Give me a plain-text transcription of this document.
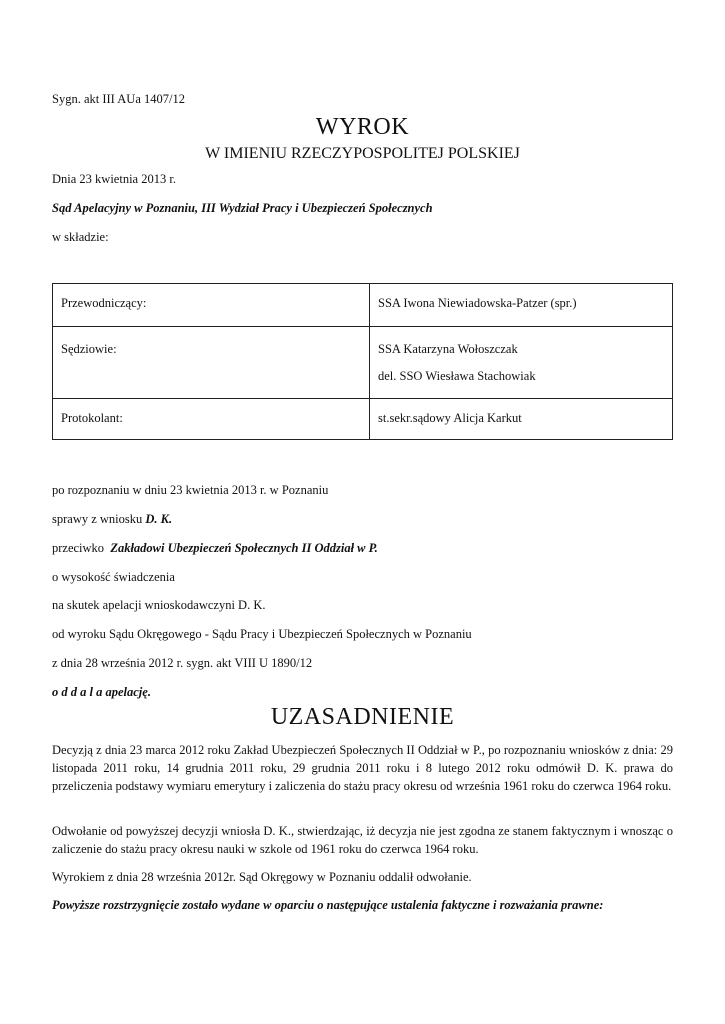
Sygn. akt III AUa 1407/12
WYROK
W IMIENIU RZECZYPOSPOLITEJ POLSKIEJ
Dnia 23 kwietnia 2013 r.
Sąd Apelacyjny w Poznaniu, III Wydział Pracy i Ubezpieczeń Społecznych
w składzie:
Przewodniczący:	SSA Iwona Niewiadowska-Patzer (spr.)

Sędziowie:	SSA Katarzyna Wołoszczak
del. SSO Wiesława Stachowiak

Protokolant:	st.sekr.sądowy Alicja Karkut
po rozpoznaniu w dniu 23 kwietnia 2013 r. w Poznaniu
sprawy z wniosku D. K.
przeciwko  Zakładowi Ubezpieczeń Społecznych II Oddział w P.
o wysokość świadczenia
na skutek apelacji wnioskodawczyni D. K.
od wyroku Sądu Okręgowego - Sądu Pracy i Ubezpieczeń Społecznych w Poznaniu
z dnia 28 września 2012 r. sygn. akt VIII U 1890/12
o d d a l a apelację.
UZASADNIENIE
Decyzją z dnia 23 marca 2012 roku Zakład Ubezpieczeń Społecznych II Oddział w P., po rozpoznaniu wniosków z dnia: 29 listopada 2011 roku, 14 grudnia 2011 roku, 29 grudnia 2011 roku i 8 lutego 2012 roku odmówił D. K. prawa do przeliczenia podstawy wymiaru emerytury i zaliczenia do stażu pracy okresu od września 1961 roku do czerwca 1964 roku.
Odwołanie od powyższej decyzji wniosła D. K., stwierdzając, iż decyzja nie jest zgodna ze stanem faktycznym i wnosząc o zaliczenie do stażu pracy okresu nauki w szkole od 1961 roku do czerwca 1964 roku.
Wyrokiem z dnia 28 września 2012r. Sąd Okręgowy w Poznaniu oddalił odwołanie.
Powyższe rozstrzygnięcie zostało wydane w oparciu o następujące ustalenia faktyczne i rozważania prawne:
